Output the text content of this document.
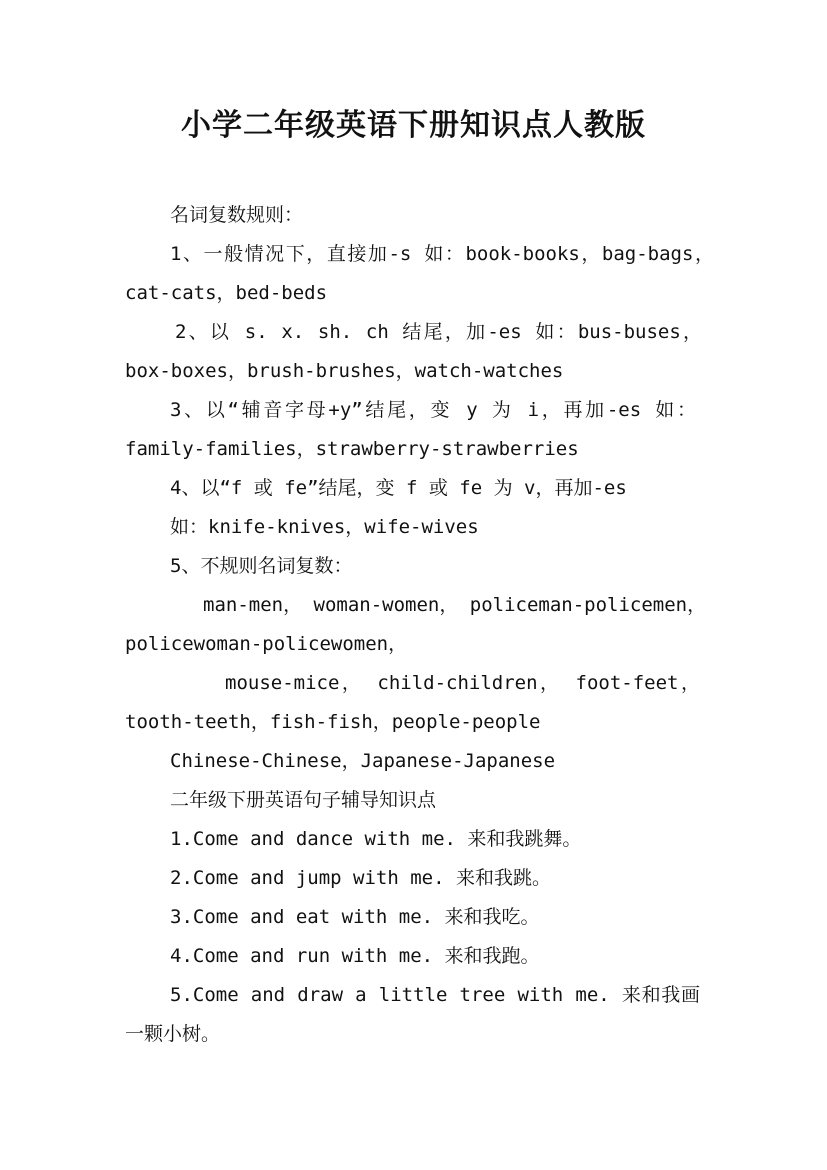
小学二年级英语下册知识点人教版
名词复数规则：
1、一般情况下，直接加-s 如：book-books，bag-bags，
cat-cats，bed-beds
2、以 s. x. sh. ch 结尾，加-es 如：bus-buses，
box-boxes，brush-brushes，watch-watches
3、以“辅音字母+y”结尾，变 y 为 i，再加-es 如：
family-families，strawberry-strawberries
4、以“f 或 fe”结尾，变 f 或 fe 为 v，再加-es
如：knife-knives，wife-wives
5、不规则名词复数：
man-men， woman-women， policeman-policemen，
policewoman-policewomen，
mouse-mice， child-children， foot-feet，
tooth-teeth，fish-fish，people-people
Chinese-Chinese，Japanese-Japanese
二年级下册英语句子辅导知识点
1.Come and dance with me. 来和我跳舞。
2.Come and jump with me. 来和我跳。
3.Come and eat with me. 来和我吃。
4.Come and run with me. 来和我跑。
5.Come and draw a little tree with me. 来和我画
一颗小树。
